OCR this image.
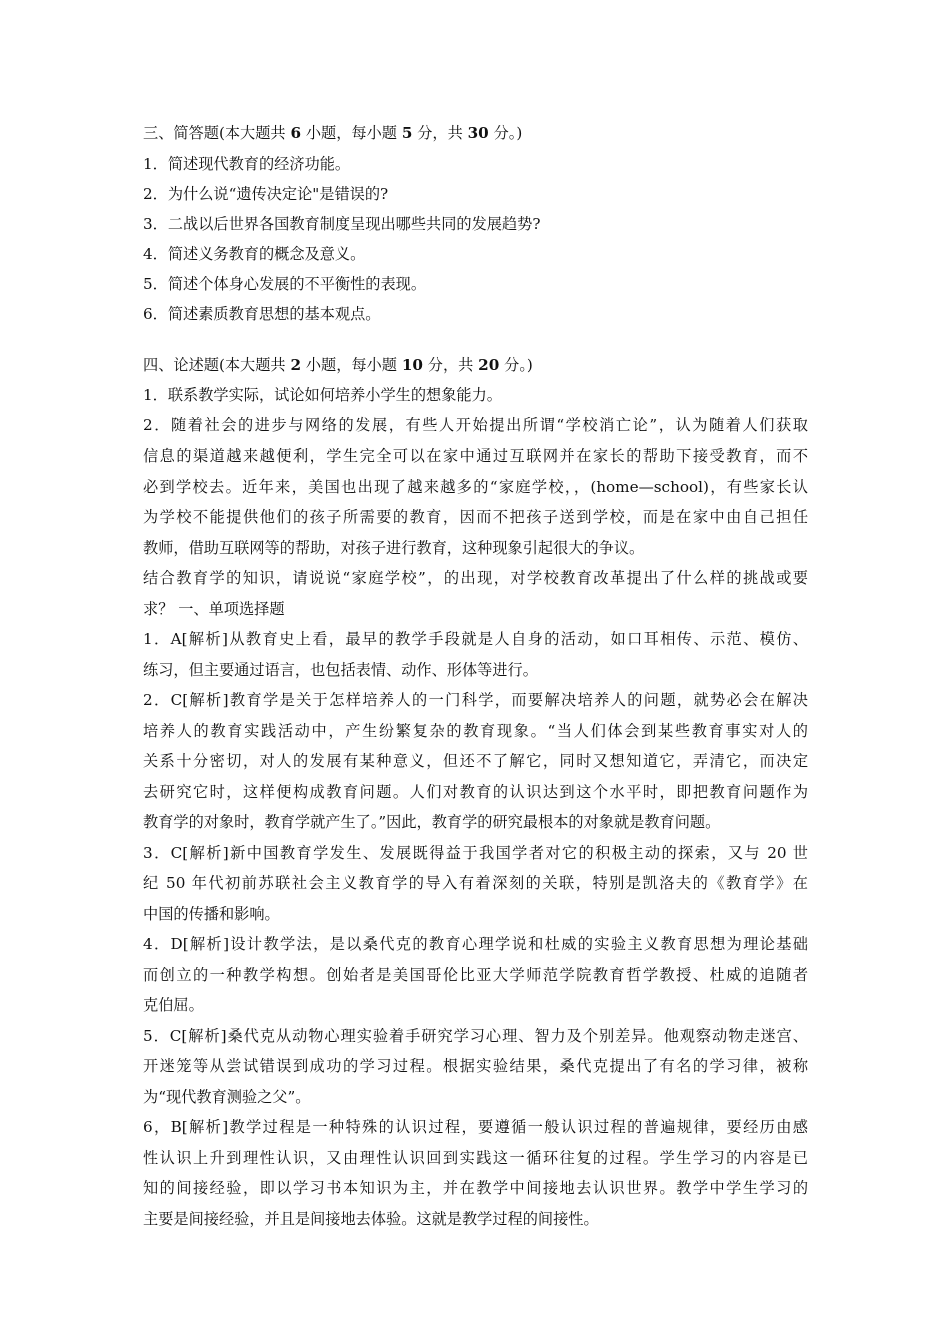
三、简答题(本大题共 6 小题，每小题 5 分，共 30 分。)
1．简述现代教育的经济功能。
2．为什么说“遗传决定论"是错误的?
3．二战以后世界各国教育制度呈现出哪些共同的发展趋势?
4．简述义务教育的概念及意义。
5．简述个体身心发展的不平衡性的表现。
6．简述素质教育思想的基本观点。
四、论述题(本大题共 2 小题，每小题 10 分，共 20 分。)
1．联系教学实际，试论如何培养小学生的想象能力。
2．随着社会的进步与网络的发展，有些人开始提出所谓“学校消亡论”，认为随着人们获取
信息的渠道越来越便利，学生完全可以在家中通过互联网并在家长的帮助下接受教育，而不
必到学校去。近年来，美国也出现了越来越多的“家庭学校，，(home—school)，有些家长认
为学校不能提供他们的孩子所需要的教育，因而不把孩子送到学校，而是在家中由自己担任
教师，借助互联网等的帮助，对孩子进行教育，这种现象引起很大的争议。
结合教育学的知识，请说说“家庭学校”，的出现，对学校教育改革提出了什么样的挑战或要
求？ 一、单项选择题
1．A[解析]从教育史上看，最早的教学手段就是人自身的活动，如口耳相传、示范、模仿、
练习，但主要通过语言，也包括表情、动作、形体等进行。
2．C[解析]教育学是关于怎样培养人的一门科学，而要解决培养人的问题，就势必会在解决
培养人的教育实践活动中，产生纷繁复杂的教育现象。“当人们体会到某些教育事实对人的
关系十分密切，对人的发展有某种意义，但还不了解它，同时又想知道它，弄清它，而决定
去研究它时，这样便构成教育问题。人们对教育的认识达到这个水平时，即把教育问题作为
教育学的对象时，教育学就产生了。”因此，教育学的研究最根本的对象就是教育问题。
3．C[解析]新中国教育学发生、发展既得益于我国学者对它的积极主动的探索，又与 20 世
纪 50 年代初前苏联社会主义教育学的导入有着深刻的关联，特别是凯洛夫的《教育学》在
中国的传播和影响。
4．D[解析]设计教学法，是以桑代克的教育心理学说和杜威的实验主义教育思想为理论基础
而创立的一种教学构想。创始者是美国哥伦比亚大学师范学院教育哲学教授、杜威的追随者
克伯屈。
5．C[解析]桑代克从动物心理实验着手研究学习心理、智力及个别差异。他观察动物走迷宫、
开迷笼等从尝试错误到成功的学习过程。根据实验结果，桑代克提出了有名的学习律，被称
为“现代教育测验之父”。
6，B[解析]教学过程是一种特殊的认识过程，要遵循一般认识过程的普遍规律，要经历由感
性认识上升到理性认识，又由理性认识回到实践这一循环往复的过程。学生学习的内容是已
知的间接经验，即以学习书本知识为主，并在教学中间接地去认识世界。教学中学生学习的
主要是间接经验，并且是间接地去体验。这就是教学过程的间接性。
